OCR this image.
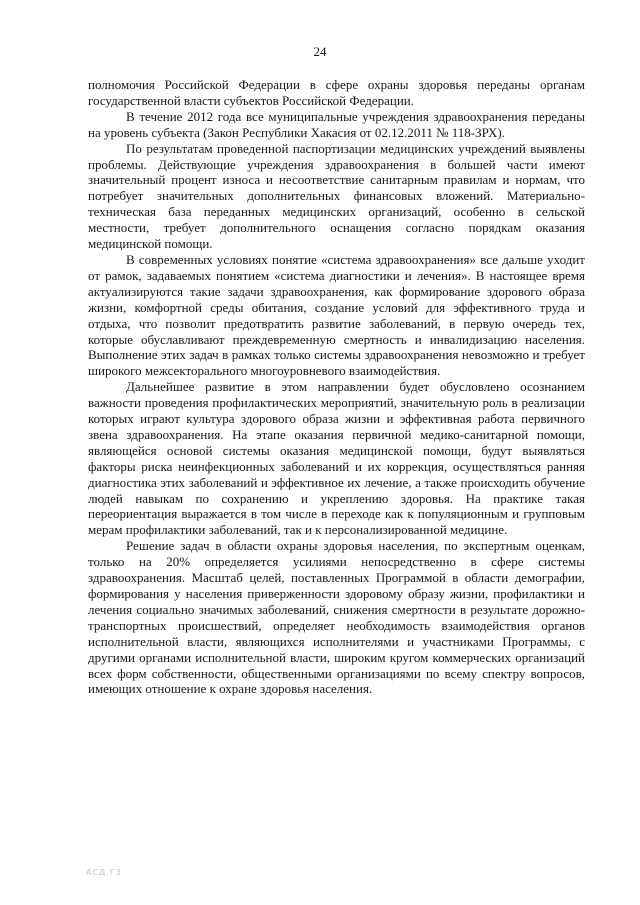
24

полномочия Российской Федерации в сфере охраны здоровья переданы органам государственной власти субъектов Российской Федерации.

В течение 2012 года все муниципальные учреждения здравоохранения переданы на уровень субъекта (Закон Республики Хакасия от 02.12.2011 № 118-ЗРХ).

По результатам проведенной паспортизации медицинских учреждений выявлены проблемы. Действующие учреждения здравоохранения в большей части имеют значительный процент износа и несоответствие санитарным правилам и нормам, что потребует значительных дополнительных финансовых вложений. Материально-техническая база переданных медицинских организаций, особенно в сельской местности, требует дополнительного оснащения согласно порядкам оказания медицинской помощи.

В современных условиях понятие «система здравоохранения» все дальше уходит от рамок, задаваемых понятием «система диагностики и лечения». В настоящее время актуализируются такие задачи здравоохранения, как формирование здорового образа жизни, комфортной среды обитания, создание условий для эффективного труда и отдыха, что позволит предотвратить развитие заболеваний, в первую очередь тех, которые обуславливают преждевременную смертность и инвалидизацию населения. Выполнение этих задач в рамках только системы здравоохранения невозможно и требует широкого межсекторального многоуровневого взаимодействия.

Дальнейшее развитие в этом направлении будет обусловлено осознанием важности проведения профилактических мероприятий, значительную роль в реализации которых играют культура здорового образа жизни и эффективная работа первичного звена здравоохранения. На этапе оказания первичной медико-санитарной помощи, являющейся основой системы оказания медицинской помощи, будут выявляться факторы риска неинфекционных заболеваний и их коррекция, осуществляться ранняя диагностика этих заболеваний и эффективное их лечение, а также происходить обучение людей навыкам по сохранению и укреплению здоровья. На практике такая переориентация выражается в том числе в переходе как к популяционным и групповым мерам профилактики заболеваний, так и к персонализированной медицине.

Решение задач в области охраны здоровья населения, по экспертным оценкам, только на 20% определяется усилиями непосредственно в сфере системы здравоохранения. Масштаб целей, поставленных Программой в области демографии, формирования у населения приверженности здоровому образу жизни, профилактики и лечения социально значимых заболеваний, снижения смертности в результате дорожно-транспортных происшествий, определяет необходимость взаимодействия органов исполнительной власти, являющихся исполнителями и участниками Программы, с другими органами исполнительной власти, широким кругом коммерческих организаций всех форм собственности, общественными организациями по всему спектру вопросов, имеющих отношение к охране здоровья населения.

АСД.ГЗ
